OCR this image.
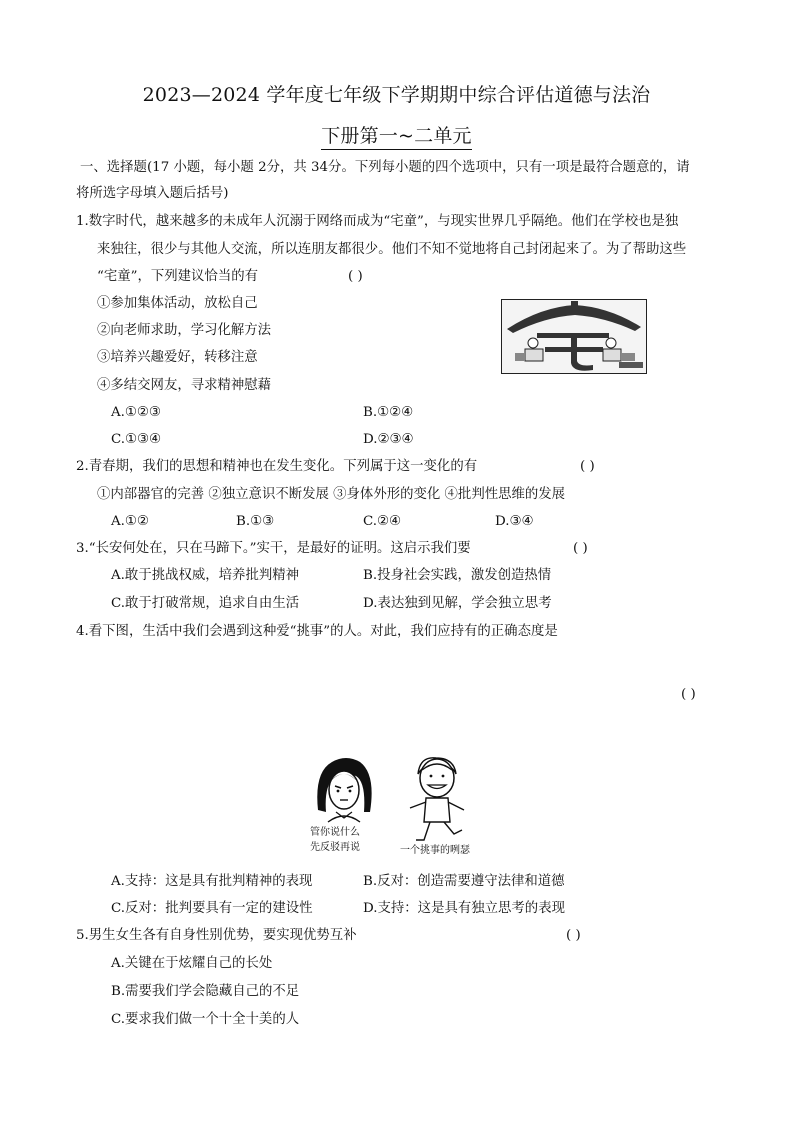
2023—2024 学年度七年级下学期期中综合评估道德与法治
下册第一~二单元
一、选择题(17 小题，每小题 2分，共 34分。下列每小题的四个选项中，只有一项是最符合题意的，请
将所选字母填入题后括号)
1.数字时代，越来越多的未成年人沉溺于网络而成为“宅童”，与现实世界几乎隔绝。他们在学校也是独
来独往，很少与其他人交流，所以连朋友都很少。他们不知不觉地将自己封闭起来了。为了帮助这些
“宅童”，下列建议恰当的有	( )
①参加集体活动，放松自己
②向老师求助，学习化解方法
③培养兴趣爱好，转移注意
④多结交网友，寻求精神慰藉
A.①②③	B.①②④
C.①③④	D.②③④
2.青春期，我们的思想和精神也在发生变化。下列属于这一变化的有	( )
①内部器官的完善 ②独立意识不断发展 ③身体外形的变化 ④批判性思维的发展
A.①②	B.①③	C.②④	D.③④
3.“长安何处在，只在马蹄下。”实干，是最好的证明。这启示我们要	( )
A.敢于挑战权威，培养批判精神	B.投身社会实践，激发创造热情
C.敢于打破常规，追求自由生活	D.表达独到见解，学会独立思考
4.看下图，生活中我们会遇到这种爱“挑事”的人。对此，我们应持有的正确态度是
( )
管你说什么
先反驳再说	一个挑事的咧瑟
A.支持：这是具有批判精神的表现	B.反对：创造需要遵守法律和道德
C.反对：批判要具有一定的建设性	D.支持：这是具有独立思考的表现
5.男生女生各有自身性别优势，要实现优势互补	( )
A.关键在于炫耀自己的长处
B.需要我们学会隐藏自己的不足
C.要求我们做一个十全十美的人
